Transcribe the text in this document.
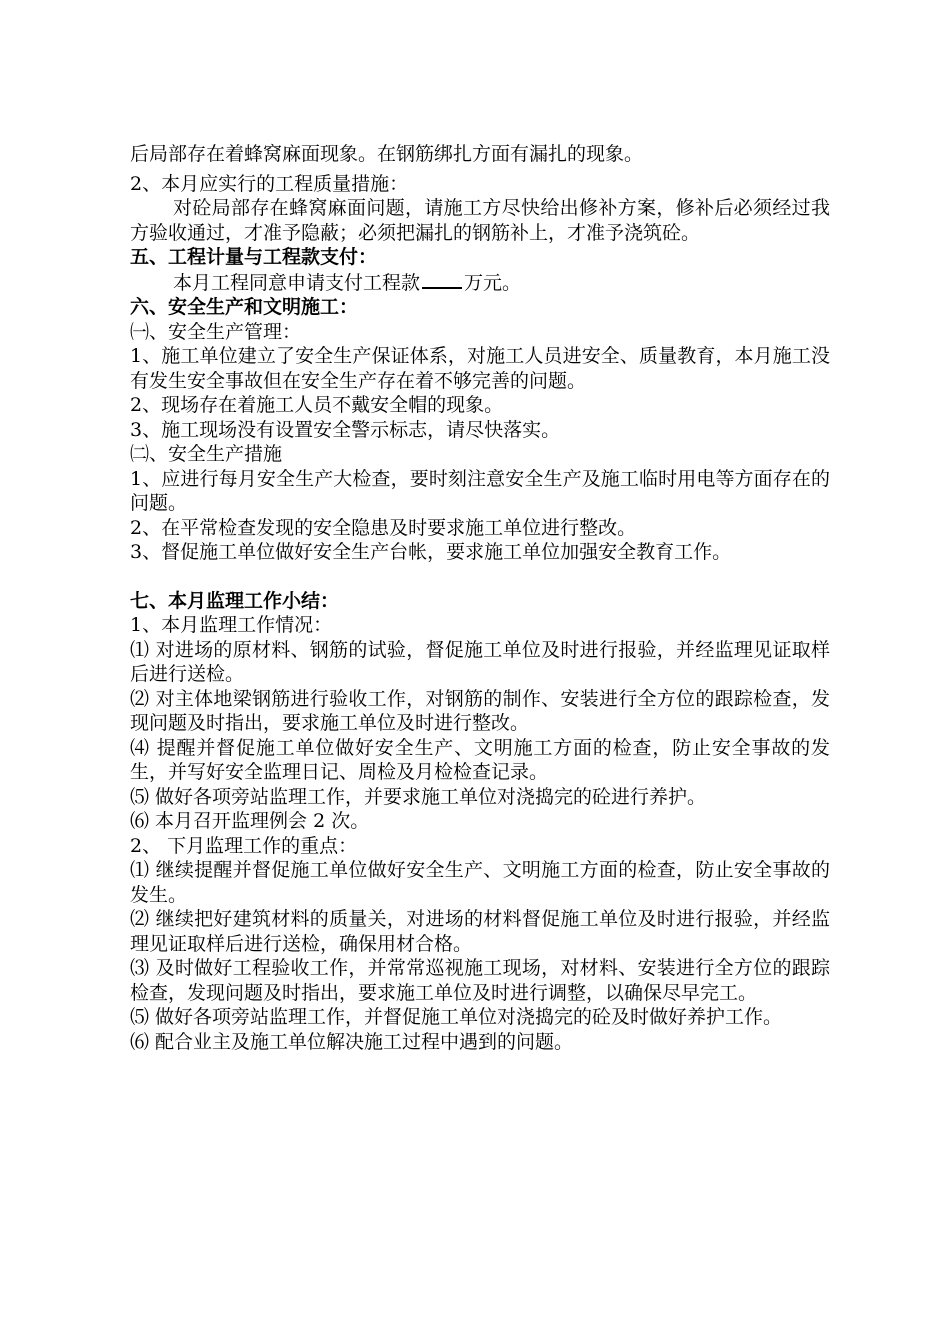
后局部存在着蜂窝麻面现象。在钢筋绑扎方面有漏扎的现象。

2、本月应实行的工程质量措施：

对砼局部存在蜂窝麻面问题，请施工方尽快给出修补方案，修补后必须经过我方验收通过，才准予隐蔽；必须把漏扎的钢筋补上，才准予浇筑砼。

五、工程计量与工程款支付：

本月工程同意申请支付工程款 万元。

六、安全生产和文明施工：

㈠、安全生产管理：

1、施工单位建立了安全生产保证体系，对施工人员进安全、质量教育，本月施工没有发生安全事故但在安全生产存在着不够完善的问题。

2、现场存在着施工人员不戴安全帽的现象。

3、施工现场没有设置安全警示标志，请尽快落实。

㈡、安全生产措施

1、应进行每月安全生产大检查，要时刻注意安全生产及施工临时用电等方面存在的问题。

2、在平常检查发现的安全隐患及时要求施工单位进行整改。

3、督促施工单位做好安全生产台帐，要求施工单位加强安全教育工作。

七、本月监理工作小结：

1、本月监理工作情况：

⑴ 对进场的原材料、钢筋的试验，督促施工单位及时进行报验，并经监理见证取样后进行送检。

⑵ 对主体地梁钢筋进行验收工作，对钢筋的制作、安装进行全方位的跟踪检查，发现问题及时指出，要求施工单位及时进行整改。

⑷ 提醒并督促施工单位做好安全生产、文明施工方面的检查，防止安全事故的发生，并写好安全监理日记、周检及月检检查记录。

⑸ 做好各项旁站监理工作，并要求施工单位对浇捣完的砼进行养护。

⑹ 本月召开监理例会 2 次。

2、 下月监理工作的重点：

⑴ 继续提醒并督促施工单位做好安全生产、文明施工方面的检查，防止安全事故的发生。

⑵ 继续把好建筑材料的质量关，对进场的材料督促施工单位及时进行报验，并经监理见证取样后进行送检，确保用材合格。

⑶ 及时做好工程验收工作，并常常巡视施工现场，对材料、安装进行全方位的跟踪检查，发现问题及时指出，要求施工单位及时进行调整，以确保尽早完工。

⑸ 做好各项旁站监理工作，并督促施工单位对浇捣完的砼及时做好养护工作。

⑹ 配合业主及施工单位解决施工过程中遇到的问题。
